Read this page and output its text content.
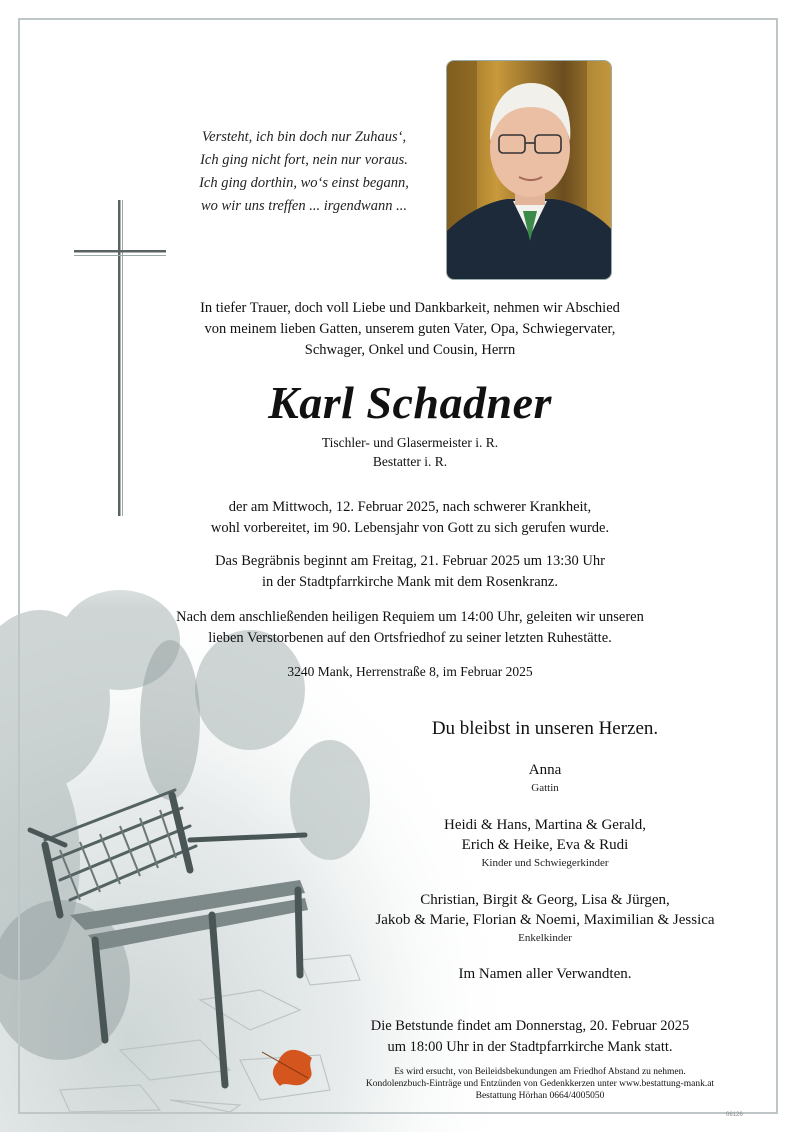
Versteht, ich bin doch nur Zuhaus‘,
Ich ging nicht fort, nein nur voraus.
Ich ging dorthin, wo‘s einst begann,
wo wir uns treffen ... irgendwann ...
In tiefer Trauer, doch voll Liebe und Dankbarkeit, nehmen wir Abschied
von meinem lieben Gatten, unserem guten Vater, Opa, Schwiegervater,
Schwager, Onkel und Cousin, Herrn
Karl Schadner
Tischler- und Glasermeister i. R.
Bestatter i. R.
der am Mittwoch, 12. Februar 2025, nach schwerer Krankheit,
wohl vorbereitet, im 90. Lebensjahr von Gott zu sich gerufen wurde.
Das Begräbnis beginnt am Freitag, 21. Februar 2025 um 13:30 Uhr
in der Stadtpfarrkirche Mank mit dem Rosenkranz.
Nach dem anschließenden heiligen Requiem um 14:00 Uhr, geleiten wir unseren
lieben Verstorbenen auf den Ortsfriedhof zu seiner letzten Ruhestätte.
3240 Mank, Herrenstraße 8, im Februar 2025
Du bleibst in unseren Herzen.
Anna
Gattin
Heidi & Hans, Martina & Gerald,
Erich & Heike, Eva & Rudi
Kinder und Schwiegerkinder
Christian, Birgit & Georg, Lisa & Jürgen,
Jakob & Marie, Florian & Noemi, Maximilian & Jessica
Enkelkinder
Im Namen aller Verwandten.
Die Betstunde findet am Donnerstag, 20. Februar 2025
um 18:00 Uhr in der Stadtpfarrkirche Mank statt.
Es wird ersucht, von Beileidsbekundungen am Friedhof Abstand zu nehmen.
Kondolenzbuch-Einträge und Entzünden von Gedenkkerzen unter www.bestattung-mank.at
Bestattung Hörhan 0664/4005050
08126
